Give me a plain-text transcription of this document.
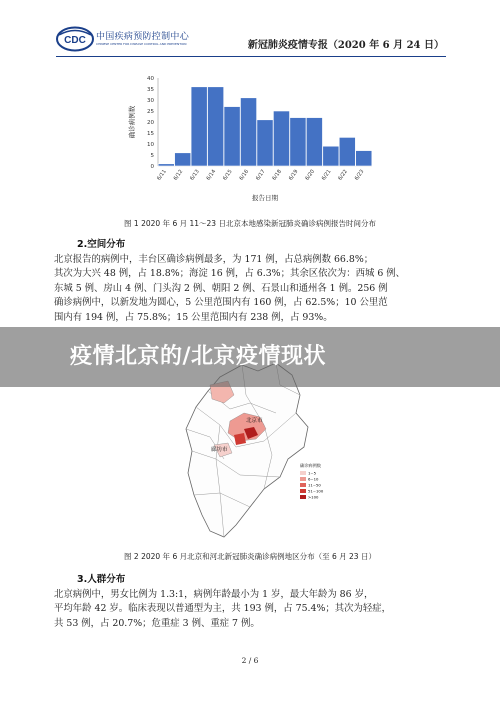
CDC 中国疾病预防控制中心
CHINESE CENTER FOR DISEASE CONTROL AND PREVENTION	新冠肺炎疫情专报（2020 年 6 月 24 日）
0
5
10
15
20
25
30
35
40
6/11 6/12 6/13 6/14 6/15 6/16 6/17 6/18 6/19 6/20 6/21 6/22 6/23
报告日期
确诊病例数
图 1 2020 年 6 月 11～23 日北京本地感染新冠肺炎确诊病例报告时间分布
2.空间分布
北京报告的病例中，丰台区确诊病例最多，为 171 例，占总病例数 66.8%；
其次为大兴 48 例，占 18.8%；海淀 16 例，占 6.3%；其余区依次为：西城 6 例、
东城 5 例、房山 4 例、门头沟 2 例、朝阳 2 例、石景山和通州各 1 例。256 例
确诊病例中，以新发地为圆心，5 公里范围内有 160 例，占 62.5%；10 公里范
围内有 194 例，占 75.8%；15 公里范围内有 238 例，占 93%。
北京市
廊坊市
确诊病例数
1~5
6~10
11~50
51~100
>100
图 2 2020 年 6 月北京和河北新冠肺炎确诊病例地区分布（至 6 月 23 日）
3.人群分布
北京病例中，男女比例为 1.3:1，病例年龄最小为 1 岁，最大年龄为 86 岁，
平均年龄 42 岁。临床表现以普通型为主，共 193 例，占 75.4%；其次为轻症，
共 53 例，占 20.7%；危重症 3 例、重症 7 例。
2 / 6
疫情北京的/北京疫情现状
